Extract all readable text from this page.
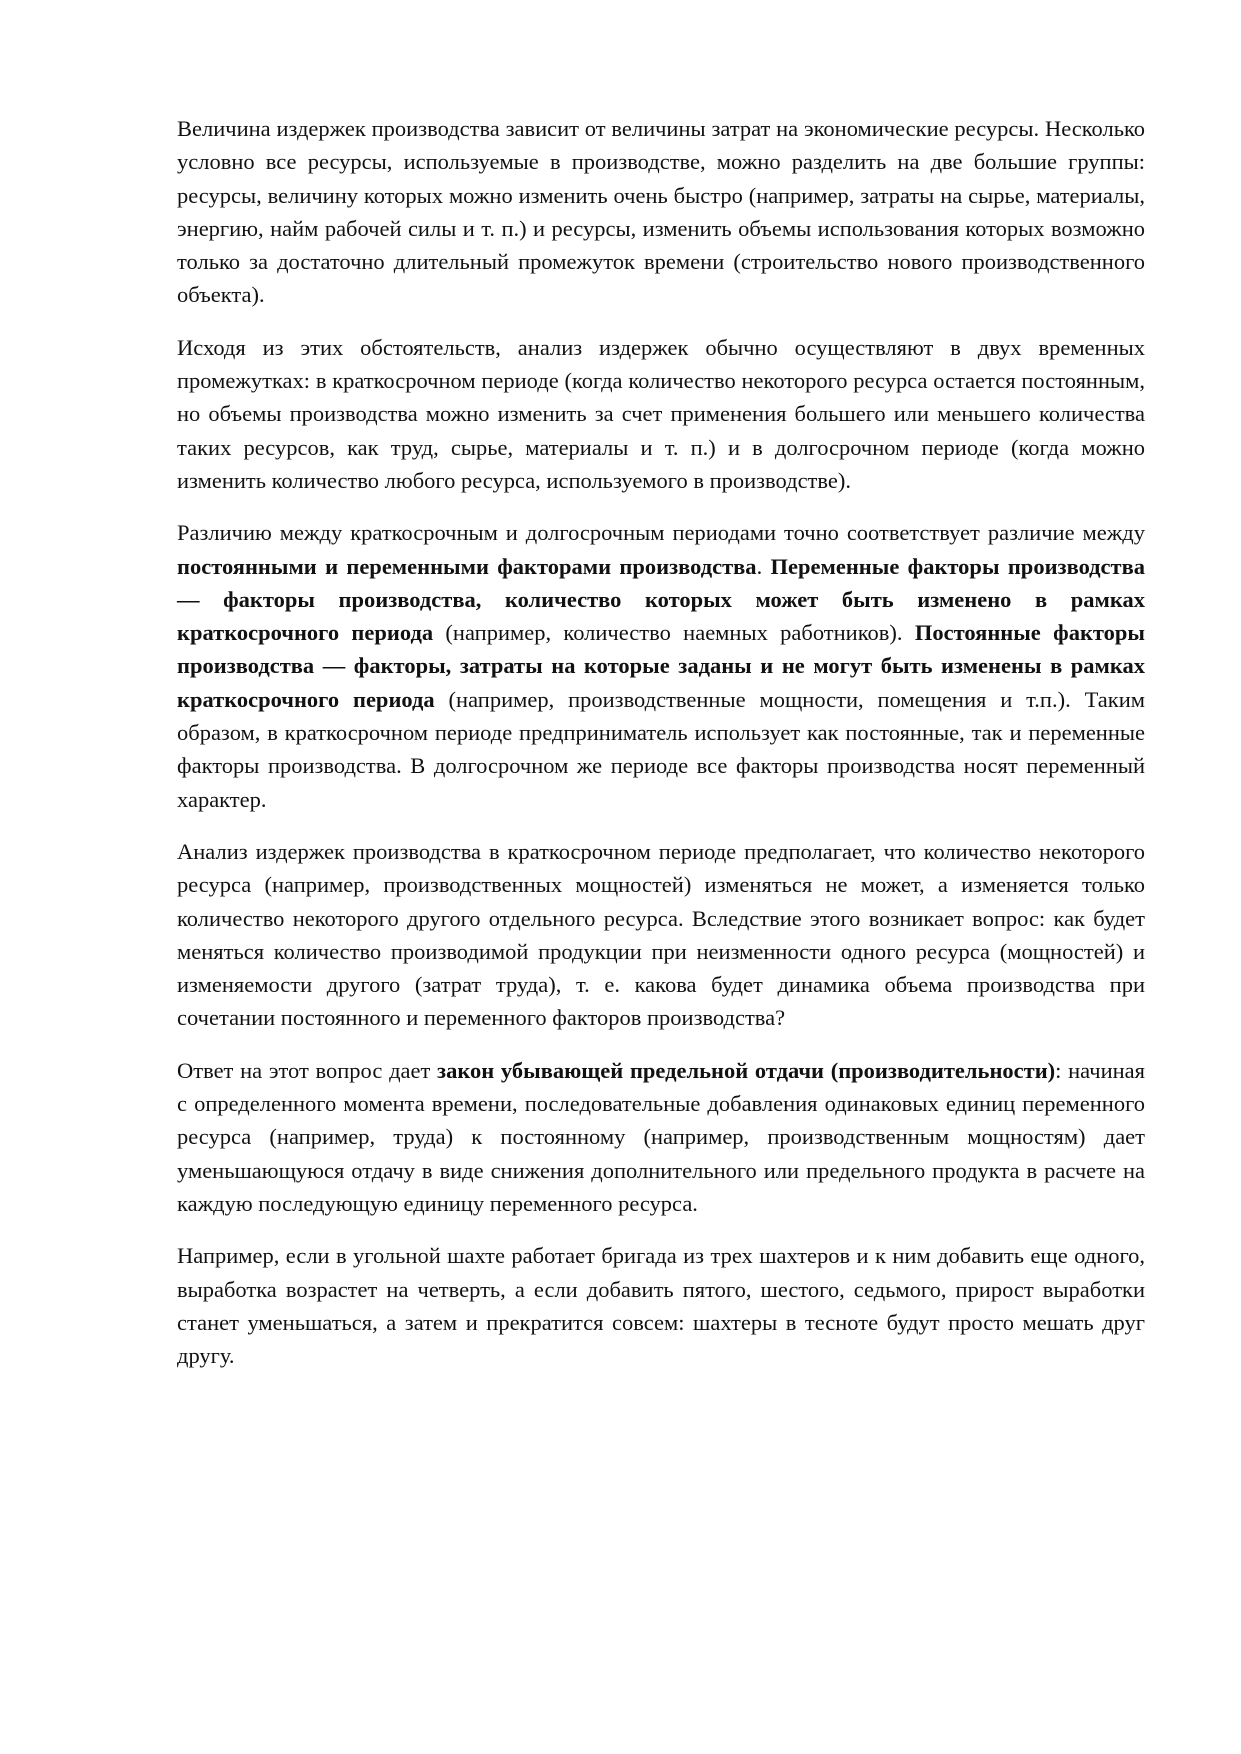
Величина издержек производства зависит от величины затрат на экономические ресурсы. Несколько условно все ресурсы, используемые в производстве, можно разделить на две большие группы: ресурсы, величину которых можно изменить очень быстро (например, затраты на сырье, материалы, энергию, найм рабочей силы и т. п.) и ресурсы, изменить объемы использования которых возможно только за достаточно длительный промежуток времени (строительство нового производственного объекта).

Исходя из этих обстоятельств, анализ издержек обычно осуществляют в двух временных промежутках: в краткосрочном периоде (когда количество некоторого ресурса остается постоянным, но объемы производства можно изменить за счет применения большего или меньшего количества таких ресурсов, как труд, сырье, материалы и т. п.) и в долгосрочном периоде (когда можно изменить количество любого ресурса, используемого в производстве).

Различию между краткосрочным и долгосрочным периодами точно соответствует различие между постоянными и переменными факторами производства. Переменные факторы производства — факторы производства, количество которых может быть изменено в рамках краткосрочного периода (например, количество наемных работников). Постоянные факторы производства — факторы, затраты на которые заданы и не могут быть изменены в рамках краткосрочного периода (например, производственные мощности, помещения и т.п.). Таким образом, в краткосрочном периоде предприниматель использует как постоянные, так и переменные факторы производства. В долгосрочном же периоде все факторы производства носят переменный характер.

Анализ издержек производства в краткосрочном периоде предполагает, что количество некоторого ресурса (например, производственных мощностей) изменяться не может, а изменяется только количество некоторого другого отдельного ресурса. Вследствие этого возникает вопрос: как будет меняться количество производимой продукции при неизменности одного ресурса (мощностей) и изменяемости другого (затрат труда), т. е. какова будет динамика объема производства при сочетании постоянного и переменного факторов производства?

Ответ на этот вопрос дает закон убывающей предельной отдачи (производительности): начиная с определенного момента времени, последовательные добавления одинаковых единиц переменного ресурса (например, труда) к постоянному (например, производственным мощностям) дает уменьшающуюся отдачу в виде снижения дополнительного или предельного продукта в расчете на каждую последующую единицу переменного ресурса.

Например, если в угольной шахте работает бригада из трех шахтеров и к ним добавить еще одного, выработка возрастет на четверть, а если добавить пятого, шестого, седьмого, прирост выработки станет уменьшаться, а затем и прекратится совсем: шахтеры в тесноте будут просто мешать друг другу.
